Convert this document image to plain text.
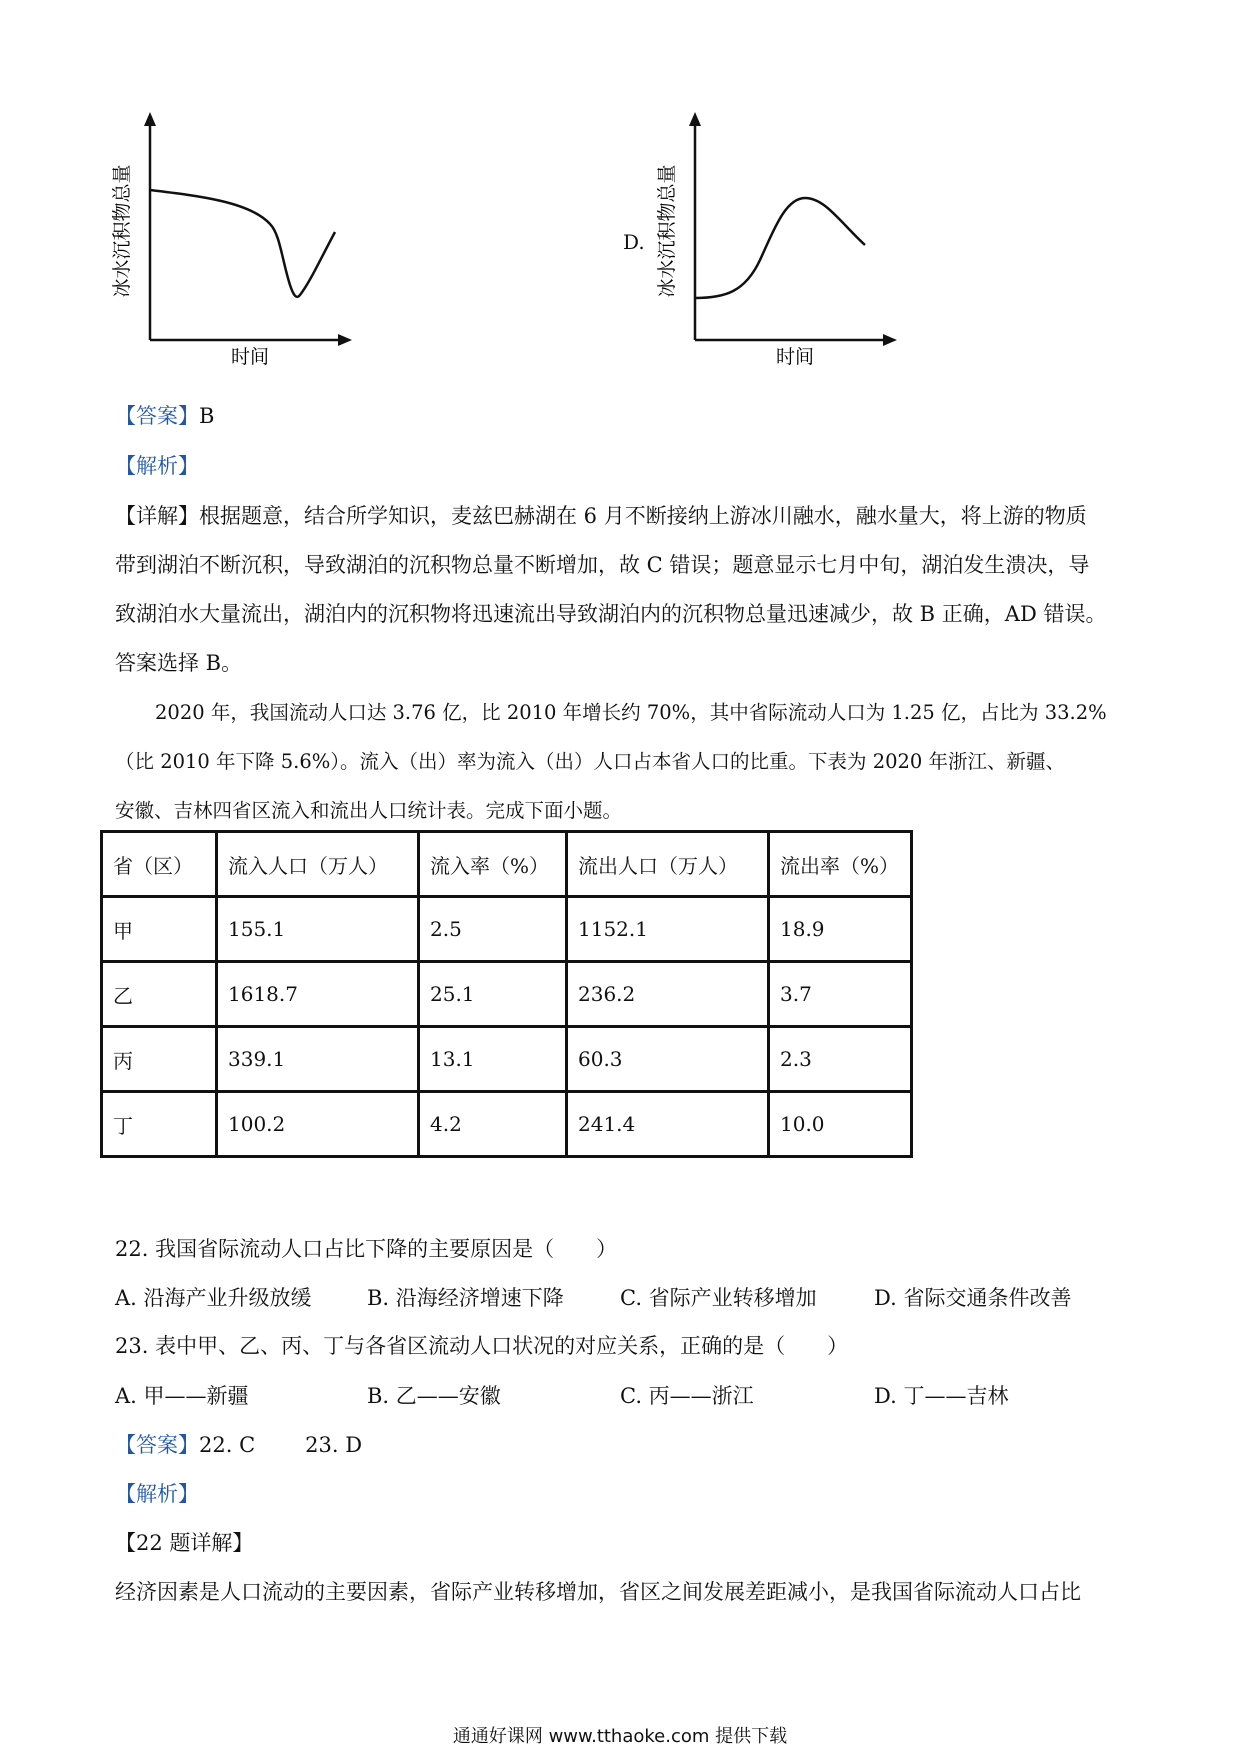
冰水沉积物总量
时间
D. 冰水沉积物总量
时间
【答案】B
【解析】
【详解】根据题意，结合所学知识，麦兹巴赫湖在 6 月不断接纳上游冰川融水，融水量大，将上游的物质
带到湖泊不断沉积，导致湖泊的沉积物总量不断增加，故 C 错误；题意显示七月中旬，湖泊发生溃决，导
致湖泊水大量流出，湖泊内的沉积物将迅速流出导致湖泊内的沉积物总量迅速减少，故 B 正确，AD 错误。
答案选择 B。
2020 年，我国流动人口达 3.76 亿，比 2010 年增长约 70%，其中省际流动人口为 1.25 亿，占比为 33.2%
（比 2010 年下降 5.6%）。流入（出）率为流入（出）人口占本省人口的比重。下表为 2020 年浙江、新疆、
安徽、吉林四省区流入和流出人口统计表。完成下面小题。
省（区）	流入人口（万人）	流入率（%）	流出人口（万人）	流出率（%）
甲	155.1	2.5	1152.1	18.9
乙	1618.7	25.1	236.2	3.7
丙	339.1	13.1	60.3	2.3
丁	100.2	4.2	241.4	10.0
22. 我国省际流动人口占比下降的主要原因是（　　）
A. 沿海产业升级放缓	B. 沿海经济增速下降	C. 省际产业转移增加	D. 省际交通条件改善
23. 表中甲、乙、丙、丁与各省区流动人口状况的对应关系，正确的是（　　）
A. 甲——新疆	B. 乙——安徽	C. 丙——浙江	D. 丁——吉林
【答案】22. C 23. D
【解析】
【22 题详解】
经济因素是人口流动的主要因素，省际产业转移增加，省区之间发展差距减小，是我国省际流动人口占比
通通好课网 www.tthaoke.com 提供下载
